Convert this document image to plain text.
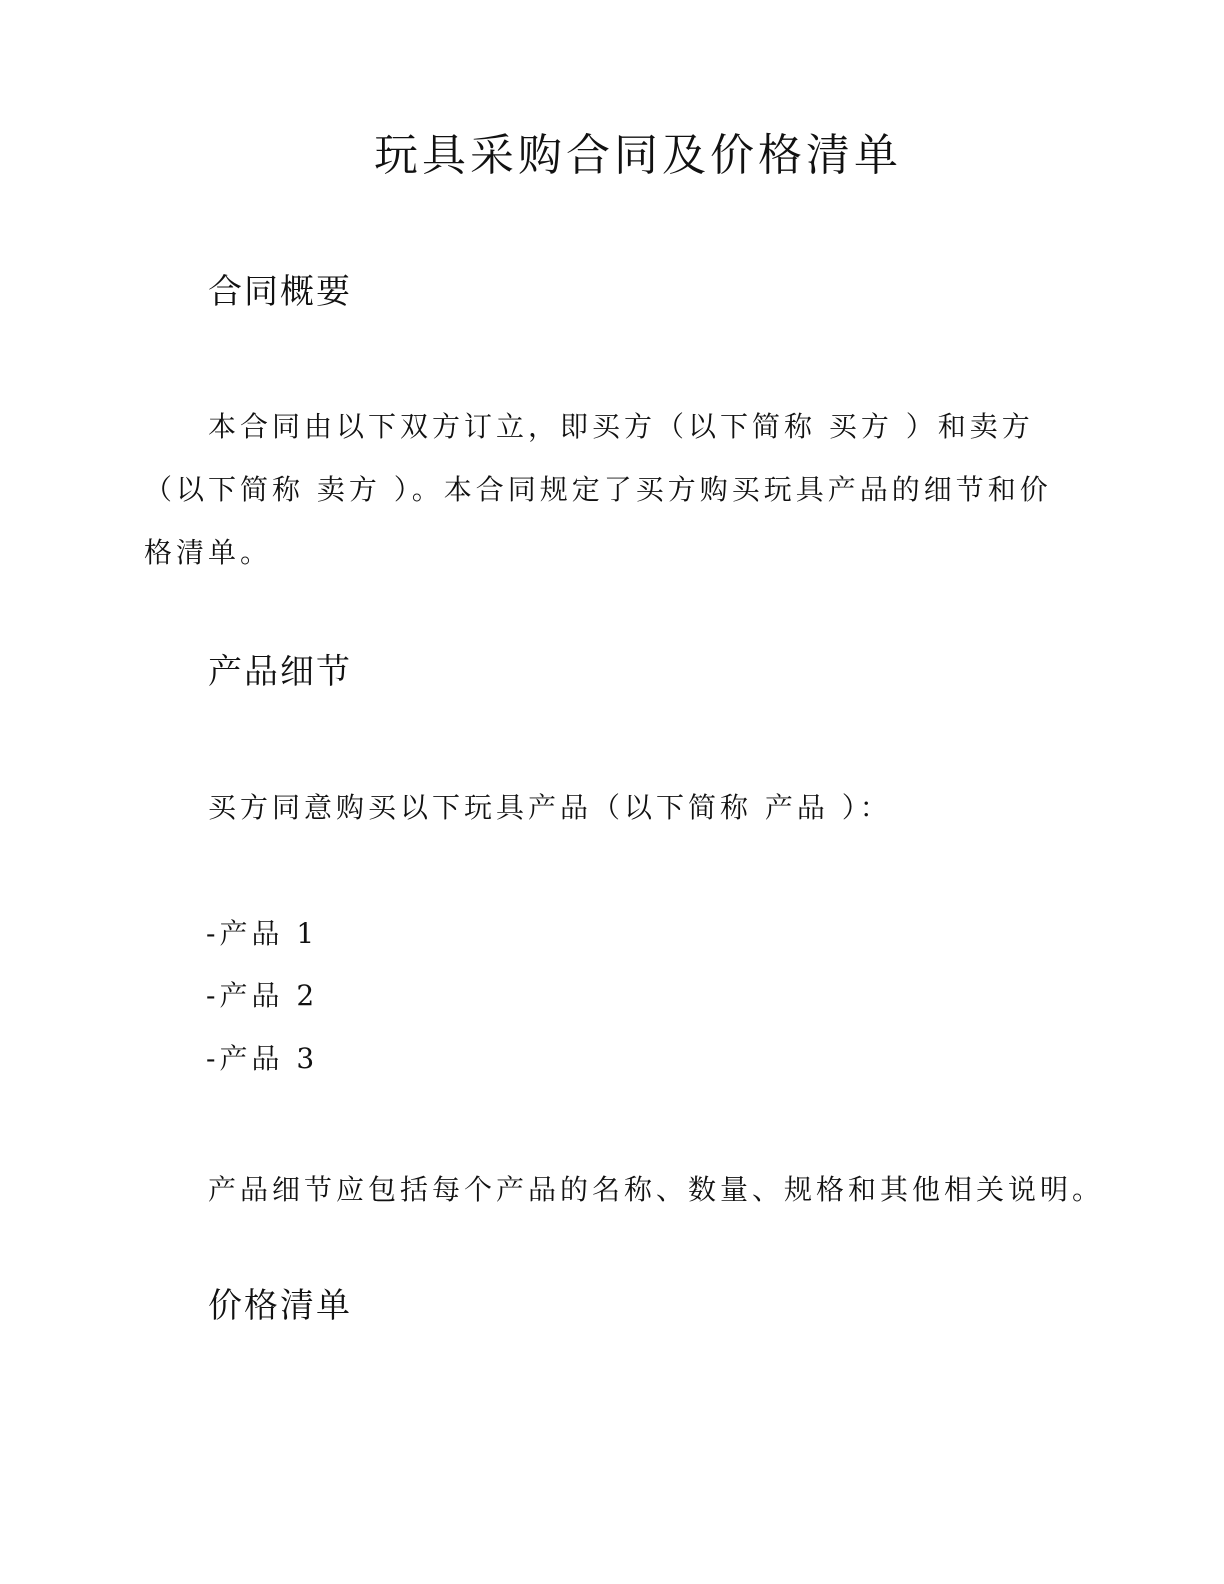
玩具采购合同及价格清单
合同概要

本合同由以下双方订立，即买方（以下简称 买方 ）和卖方（以下简称 卖方 ）。本合同规定了买方购买玩具产品的细节和价格清单。

产品细节

买方同意购买以下玩具产品（以下简称 产品 ）：

-产品 1

-产品 2

-产品 3

产品细节应包括每个产品的名称、数量、规格和其他相关说明。

价格清单
